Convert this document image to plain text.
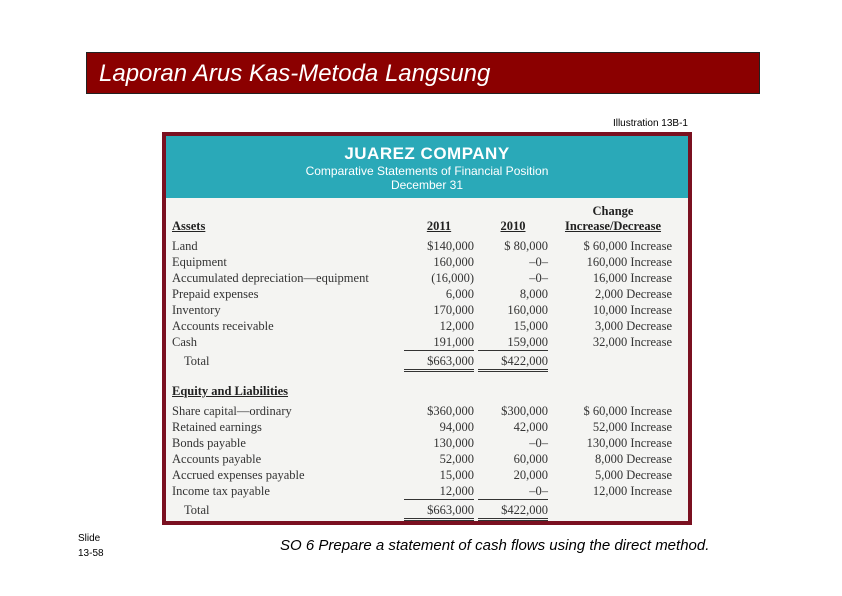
Laporan Arus Kas-Metoda Langsung
Illustration 13B-1
JUAREZ COMPANY
Comparative Statements of Financial Position
December 31
Change
Assets	2011	2010	Increase/Decrease
Land	$140,000	$ 80,000	$ 60,000 Increase
Equipment	160,000	–0–	160,000 Increase
Accumulated depreciation—equipment	(16,000)	–0–	16,000 Increase
Prepaid expenses	6,000	8,000	2,000 Decrease
Inventory	170,000	160,000	10,000 Increase
Accounts receivable	12,000	15,000	3,000 Decrease
Cash	191,000	159,000	32,000 Increase
Total	$663,000	$422,000
Equity and Liabilities
Share capital—ordinary	$360,000	$300,000	$ 60,000 Increase
Retained earnings	94,000	42,000	52,000 Increase
Bonds payable	130,000	–0–	130,000 Increase
Accounts payable	52,000	60,000	8,000 Decrease
Accrued expenses payable	15,000	20,000	5,000 Decrease
Income tax payable	12,000	–0–	12,000 Increase
Total	$663,000	$422,000
Slide
13-58	SO 6 Prepare a statement of cash flows using the direct method.
